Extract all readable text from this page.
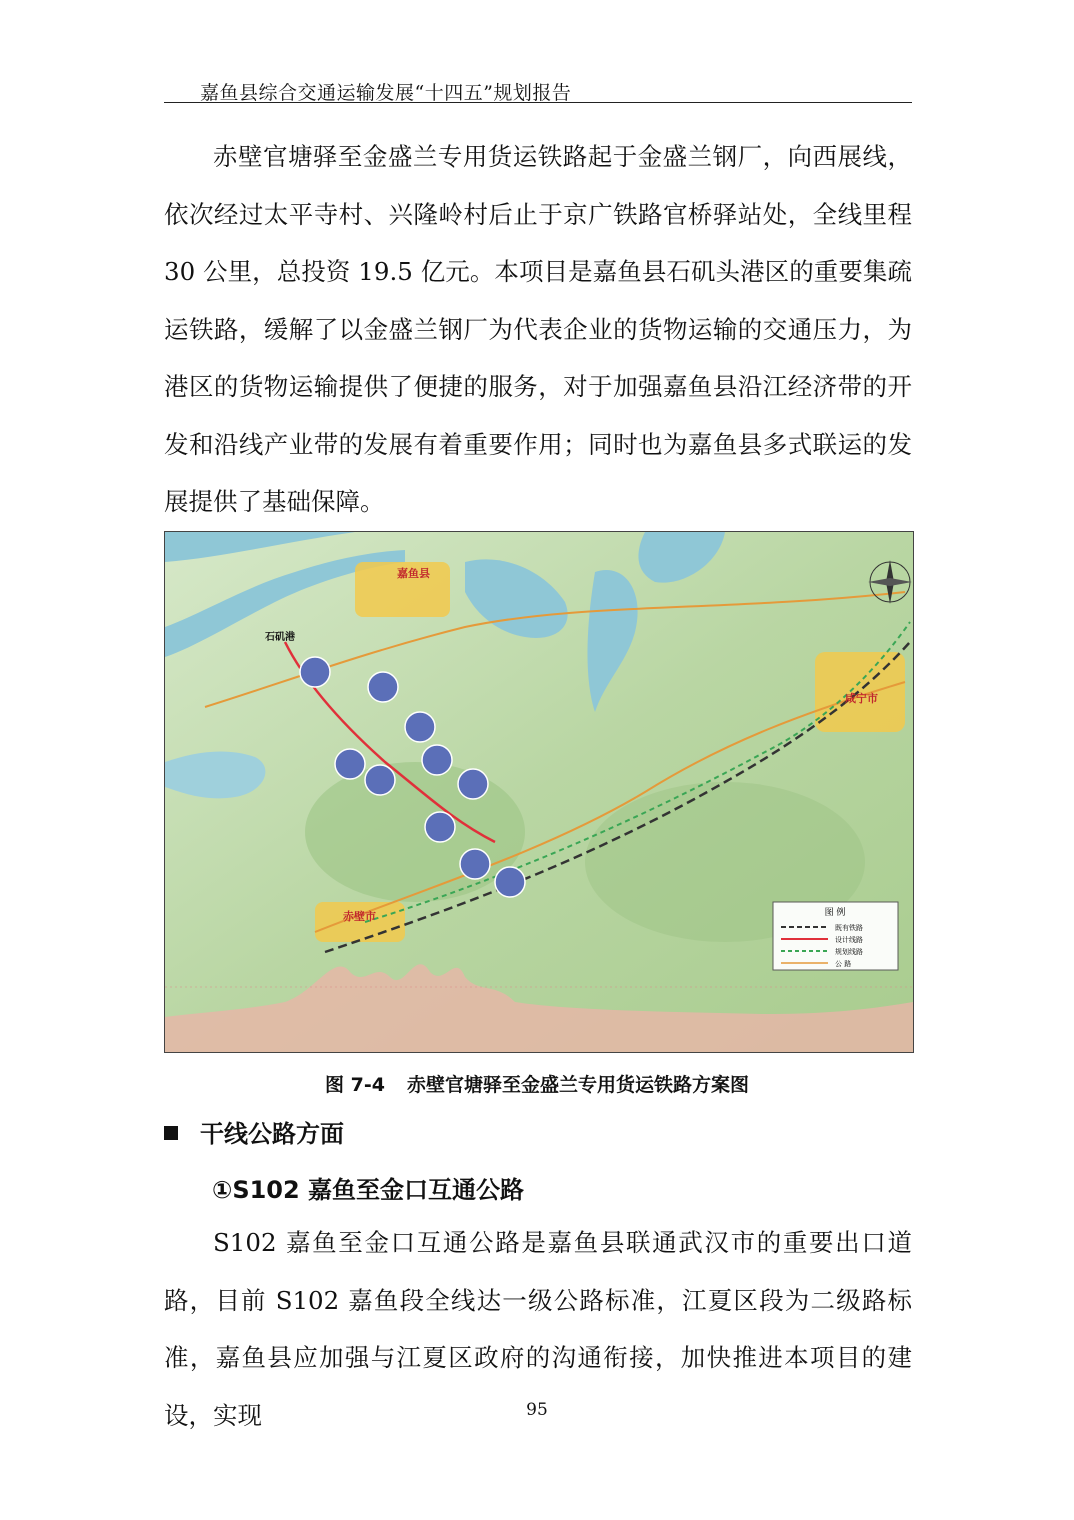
嘉鱼县综合交通运输发展“十四五”规划报告

赤壁官塘驿至金盛兰专用货运铁路起于金盛兰钢厂，向西展线，依次经过太平寺村、兴隆岭村后止于京广铁路官桥驿站处，全线里程 30 公里，总投资 19.5 亿元。本项目是嘉鱼县石矶头港区的重要集疏运铁路，缓解了以金盛兰钢厂为代表企业的货物运输的交通压力，为港区的货物运输提供了便捷的服务，对于加强嘉鱼县沿江经济带的开发和沿线产业带的发展有着重要作用；同时也为嘉鱼县多式联运的发展提供了基础保障。

图 例
既有铁路
设计线路
规划线路
公 路
嘉鱼县
咸宁市
赤壁市
石矶港
图 7-4 赤壁官塘驿至金盛兰专用货运铁路方案图
干线公路方面
①S102 嘉鱼至金口互通公路

S102 嘉鱼至金口互通公路是嘉鱼县联通武汉市的重要出口道路，目前 S102 嘉鱼段全线达一级公路标准，江夏区段为二级路标准，嘉鱼县应加强与江夏区政府的沟通衔接，加快推进本项目的建设，实现	95
